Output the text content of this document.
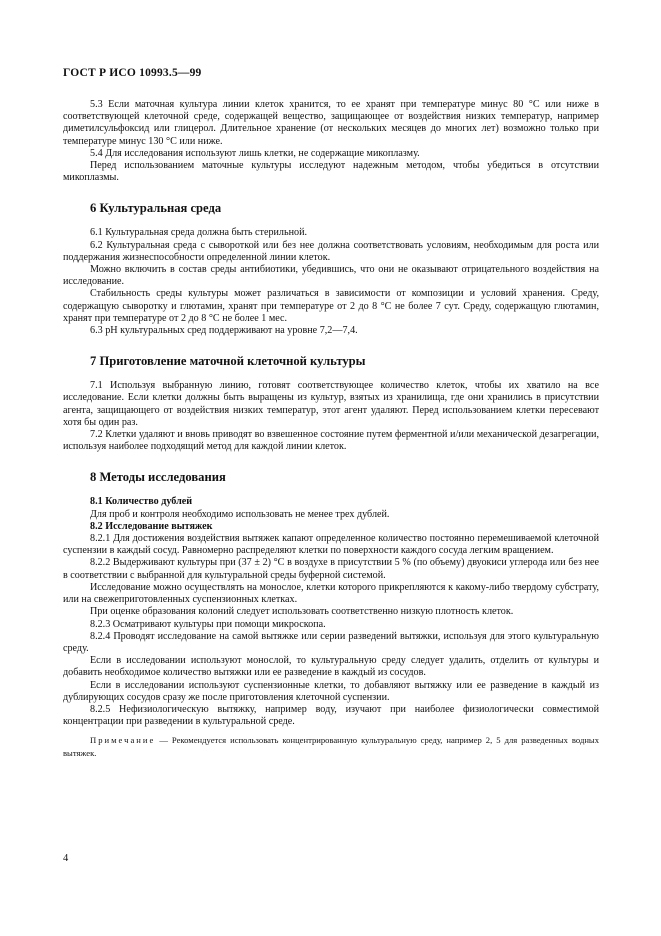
ГОСТ Р ИСО 10993.5—99

5.3 Если маточная культура линии клеток хранится, то ее хранят при температуре минус 80 °С или ниже в соответствующей клеточной среде, содержащей вещество, защищающее от воздействия низких температур, например диметилсульфоксид или глицерол. Длительное хранение (от нескольких месяцев до многих лет) возможно только при температуре минус 130 °С или ниже.

5.4 Для исследования используют лишь клетки, не содержащие микоплазму.

Перед использованием маточные культуры исследуют надежным методом, чтобы убедиться в отсутствии микоплазмы.

6 Культуральная среда

6.1 Культуральная среда должна быть стерильной.

6.2 Культуральная среда с сывороткой или без нее должна соответствовать условиям, необходимым для роста или поддержания жизнеспособности определенной линии клеток.

Можно включить в состав среды антибиотики, убедившись, что они не оказывают отрицательного воздействия на исследование.

Стабильность среды культуры может различаться в зависимости от композиции и условий хранения. Среду, содержащую сыворотку и глютамин, хранят при температуре от 2 до 8 °С не более 7 сут. Среду, содержащую глютамин, хранят при температуре от 2 до 8 °С не более 1 мес.

6.3 pH культуральных сред поддерживают на уровне 7,2—7,4.

7 Приготовление маточной клеточной культуры

7.1 Используя выбранную линию, готовят соответствующее количество клеток, чтобы их хватило на все исследование. Если клетки должны быть выращены из культур, взятых из хранилища, где они хранились в присутствии агента, защищающего от воздействия низких температур, этот агент удаляют. Перед использованием клетки пересевают хотя бы один раз.

7.2 Клетки удаляют и вновь приводят во взвешенное состояние путем ферментной и/или механической дезагрегации, используя наиболее подходящий метод для каждой линии клеток.

8 Методы исследования

8.1 Количество дублей

Для проб и контроля необходимо использовать не менее трех дублей.

8.2 Исследование вытяжек

8.2.1 Для достижения воздействия вытяжек капают определенное количество постоянно перемешиваемой клеточной суспензии в каждый сосуд. Равномерно распределяют клетки по поверхности каждого сосуда легким вращением.

8.2.2 Выдерживают культуры при (37 ± 2) °С в воздухе в присутствии 5 % (по объему) двуокиси углерода или без нее в соответствии с выбранной для культуральной среды буферной системой.

Исследование можно осуществлять на монослое, клетки которого прикрепляются к какому-либо твердому субстрату, или на свежеприготовленных суспензионных клетках.

При оценке образования колоний следует использовать соответственно низкую плотность клеток.

8.2.3 Осматривают культуры при помощи микроскопа.

8.2.4 Проводят исследование на самой вытяжке или серии разведений вытяжки, используя для этого культуральную среду.

Если в исследовании используют монослой, то культуральную среду следует удалить, отделить от культуры и добавить необходимое количество вытяжки или ее разведение в каждый из сосудов.

Если в исследовании используют суспензионные клетки, то добавляют вытяжку или ее разведение в каждый из дублирующих сосудов сразу же после приготовления клеточной суспензии.

8.2.5 Нефизиологическую вытяжку, например воду, изучают при наиболее физиологически совместимой концентрации при разведении в культуральной среде.

Примечание — Рекомендуется использовать концентрированную культуральную среду, например 2, 5 для разведенных водных вытяжек.

4
